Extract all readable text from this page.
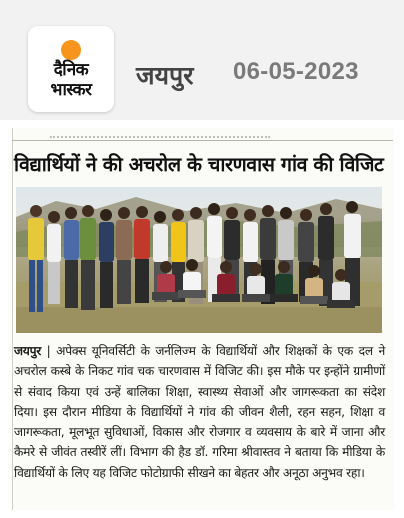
दैनिक
भास्कर	जयपुर 06-05-2023
विद्यार्थियों ने की अचरोल के चारणवास गांव की विजिट
जयपुर | अपेक्स यूनिवर्सिटी के जर्नलिज्म के विद्यार्थियों और शिक्षकों के एक दल ने अचरोल कस्बे के निकट गांव चक चारणवास में विजिट की। इस मौके पर इन्होंने ग्रामीणों से संवाद किया एवं उन्हें बालिका शिक्षा, स्वास्थ्य सेवाओं और जागरूकता का संदेश दिया। इस दौरान मीडिया के विद्यार्थियों ने गांव की जीवन शैली, रहन सहन, शिक्षा व जागरूकता, मूलभूत सुविधाओं, विकास और रोजगार व व्यवसाय के बारे में जाना और कैमरे से जीवंत तस्वीरें लीं। विभाग की हैड डॉ. गरिमा श्रीवास्तव ने बताया कि मीडिया के विद्यार्थियों के लिए यह विजिट फोटोग्राफी सीखने का बेहतर और अनूठा अनुभव रहा।
